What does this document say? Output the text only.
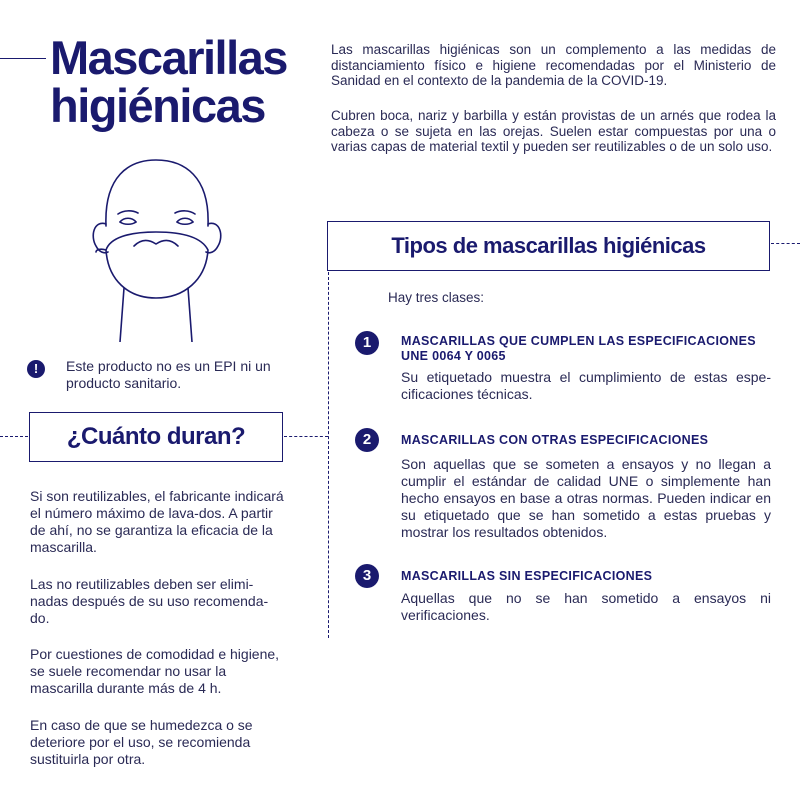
Mascarillas
higiénicas

Las mascarillas higiénicas son un complemento a las medidas de distanciamiento físico e higiene recomendadas por el Ministerio de Sanidad en el contexto de la pandemia de la COVID-19.

Cubren boca, nariz y barbilla y están provistas de un arnés que rodea la cabeza o se sujeta en las orejas. Suelen estar compuestas por una o varias capas de material textil y pueden ser reutilizables o de un solo uso.

!	Este producto no es un EPI ni un producto sanitario.

¿Cuánto duran?

Si son reutilizables, el fabricante indicará el número máximo de lava-dos. A partir de ahí, no se garantiza la eficacia de la mascarilla.

Las no reutilizables deben ser elimi-nadas después de su uso recomenda-do.

Por cuestiones de comodidad e higiene, se suele recomendar no usar la mascarilla durante más de 4 h.

En caso de que se humedezca o se deteriore por el uso, se recomienda sustituirla por otra.

Tipos de mascarillas higiénicas

Hay tres clases:

1	MASCARILLAS QUE CUMPLEN LAS ESPECIFICACIONES UNE 0064 Y 0065

Su etiquetado muestra el cumplimiento de estas espe-cificaciones técnicas.

2	MASCARILLAS CON OTRAS ESPECIFICACIONES

Son aquellas que se someten a ensayos y no llegan a cumplir el estándar de calidad UNE o simplemente han hecho ensayos en base a otras normas. Pueden indicar en su etiquetado que se han sometido a estas pruebas y mostrar los resultados obtenidos.

3	MASCARILLAS SIN ESPECIFICACIONES

Aquellas que no se han sometido a ensayos ni verificaciones.
